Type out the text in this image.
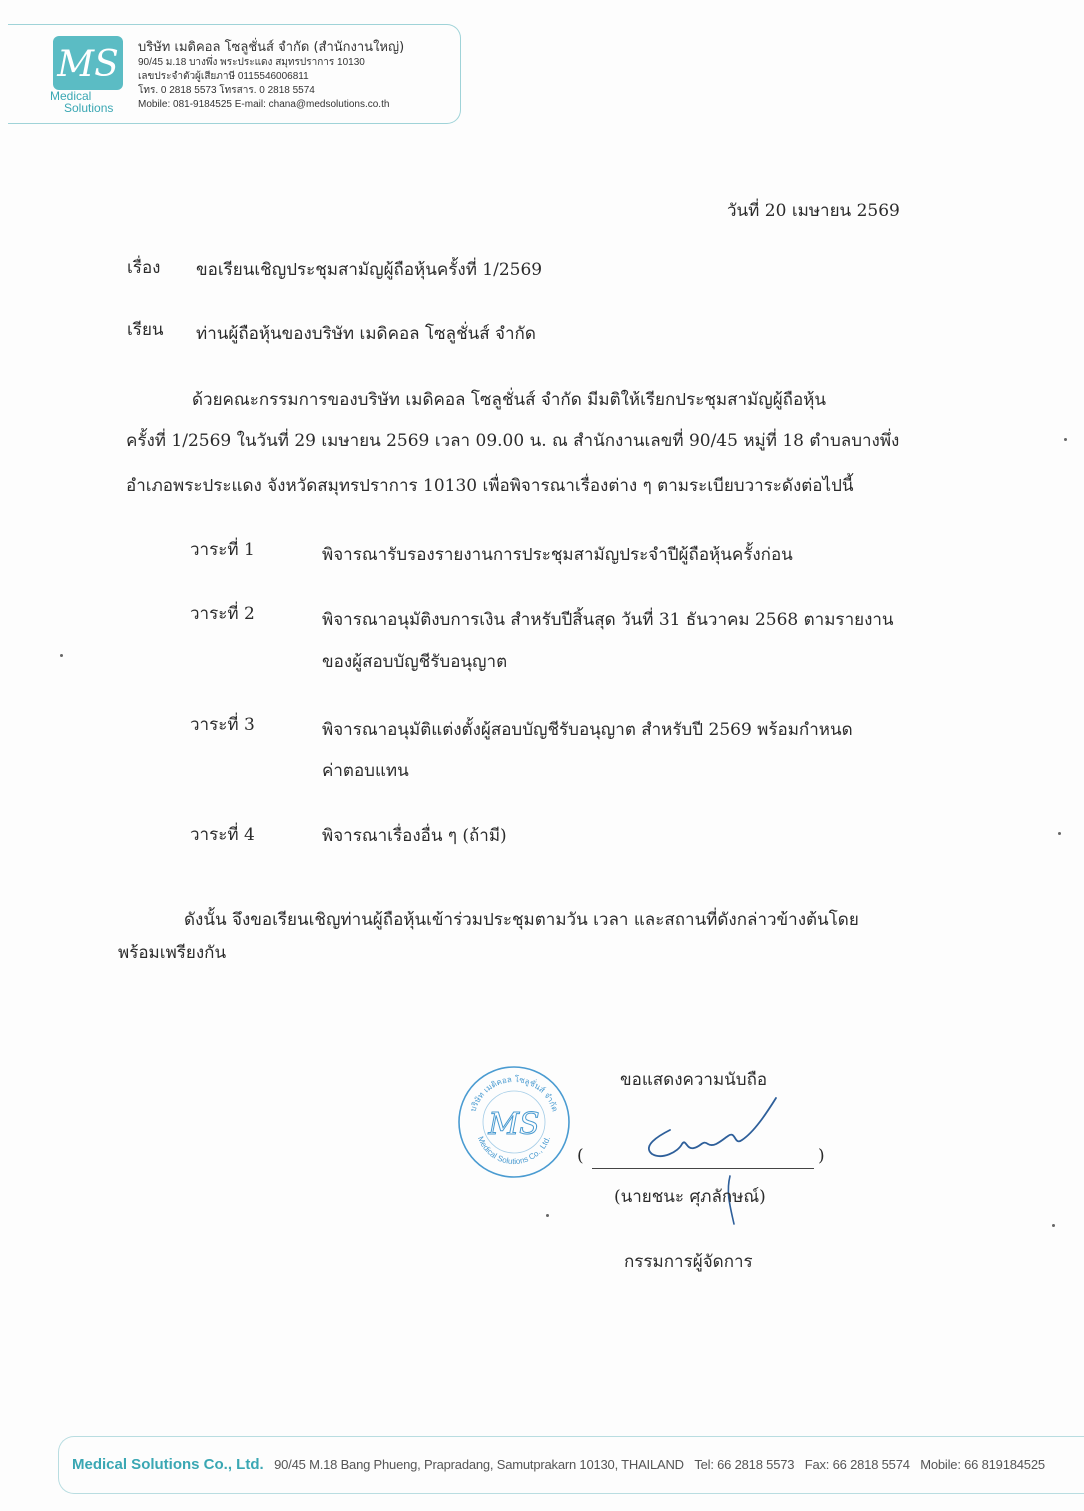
MS
Medical
Solutions
บริษัท เมดิคอล โซลูชั่นส์ จำกัด (สำนักงานใหญ่)
90/45 ม.18 บางพึ่ง พระประแดง สมุทรปราการ 10130
เลขประจำตัวผู้เสียภาษี 0115546006811
โทร. 0 2818 5573 โทรสาร. 0 2818 5574
Mobile: 081-9184525 E-mail: chana@medsolutions.co.th
วันที่ 20 เมษายน 2569
เรื่อง ขอเรียนเชิญประชุมสามัญผู้ถือหุ้นครั้งที่ 1/2569
เรียน ท่านผู้ถือหุ้นของบริษัท เมดิคอล โซลูชั่นส์ จำกัด
ด้วยคณะกรรมการของบริษัท เมดิคอล โซลูชั่นส์ จำกัด มีมติให้เรียกประชุมสามัญผู้ถือหุ้น
ครั้งที่ 1/2569 ในวันที่ 29 เมษายน 2569 เวลา 09.00 น. ณ สำนักงานเลขที่ 90/45 หมู่ที่ 18 ตำบลบางพึ่ง
อำเภอพระประแดง จังหวัดสมุทรปราการ 10130 เพื่อพิจารณาเรื่องต่าง ๆ ตามระเบียบวาระดังต่อไปนี้
วาระที่ 1	พิจารณารับรองรายงานการประชุมสามัญประจำปีผู้ถือหุ้นครั้งก่อน
วาระที่ 2	พิจารณาอนุมัติงบการเงิน สำหรับปีสิ้นสุด วันที่ 31 ธันวาคม 2568 ตามรายงาน
ของผู้สอบบัญชีรับอนุญาต
วาระที่ 3	พิจารณาอนุมัติแต่งตั้งผู้สอบบัญชีรับอนุญาต สำหรับปี 2569 พร้อมกำหนด
ค่าตอบแทน
วาระที่ 4	พิจารณาเรื่องอื่น ๆ (ถ้ามี)
ดังนั้น จึงขอเรียนเชิญท่านผู้ถือหุ้นเข้าร่วมประชุมตามวัน เวลา และสถานที่ดังกล่าวข้างต้นโดย
พร้อมเพรียงกัน
บริษัท เมดิคอล โซลูชั่นส์ จำกัด
Medical Solutions Co., Ltd.
MS
ขอแสดงความนับถือ
(	)
(นายชนะ ศุภลักษณ์)
กรรมการผู้จัดการ
Medical Solutions Co., Ltd. 90/45 M.18 Bang Phueng, Prapradang, Samutprakarn 10130, THAILAND Tel: 66 2818 5573 Fax: 66 2818 5574 Mobile: 66 819184525
